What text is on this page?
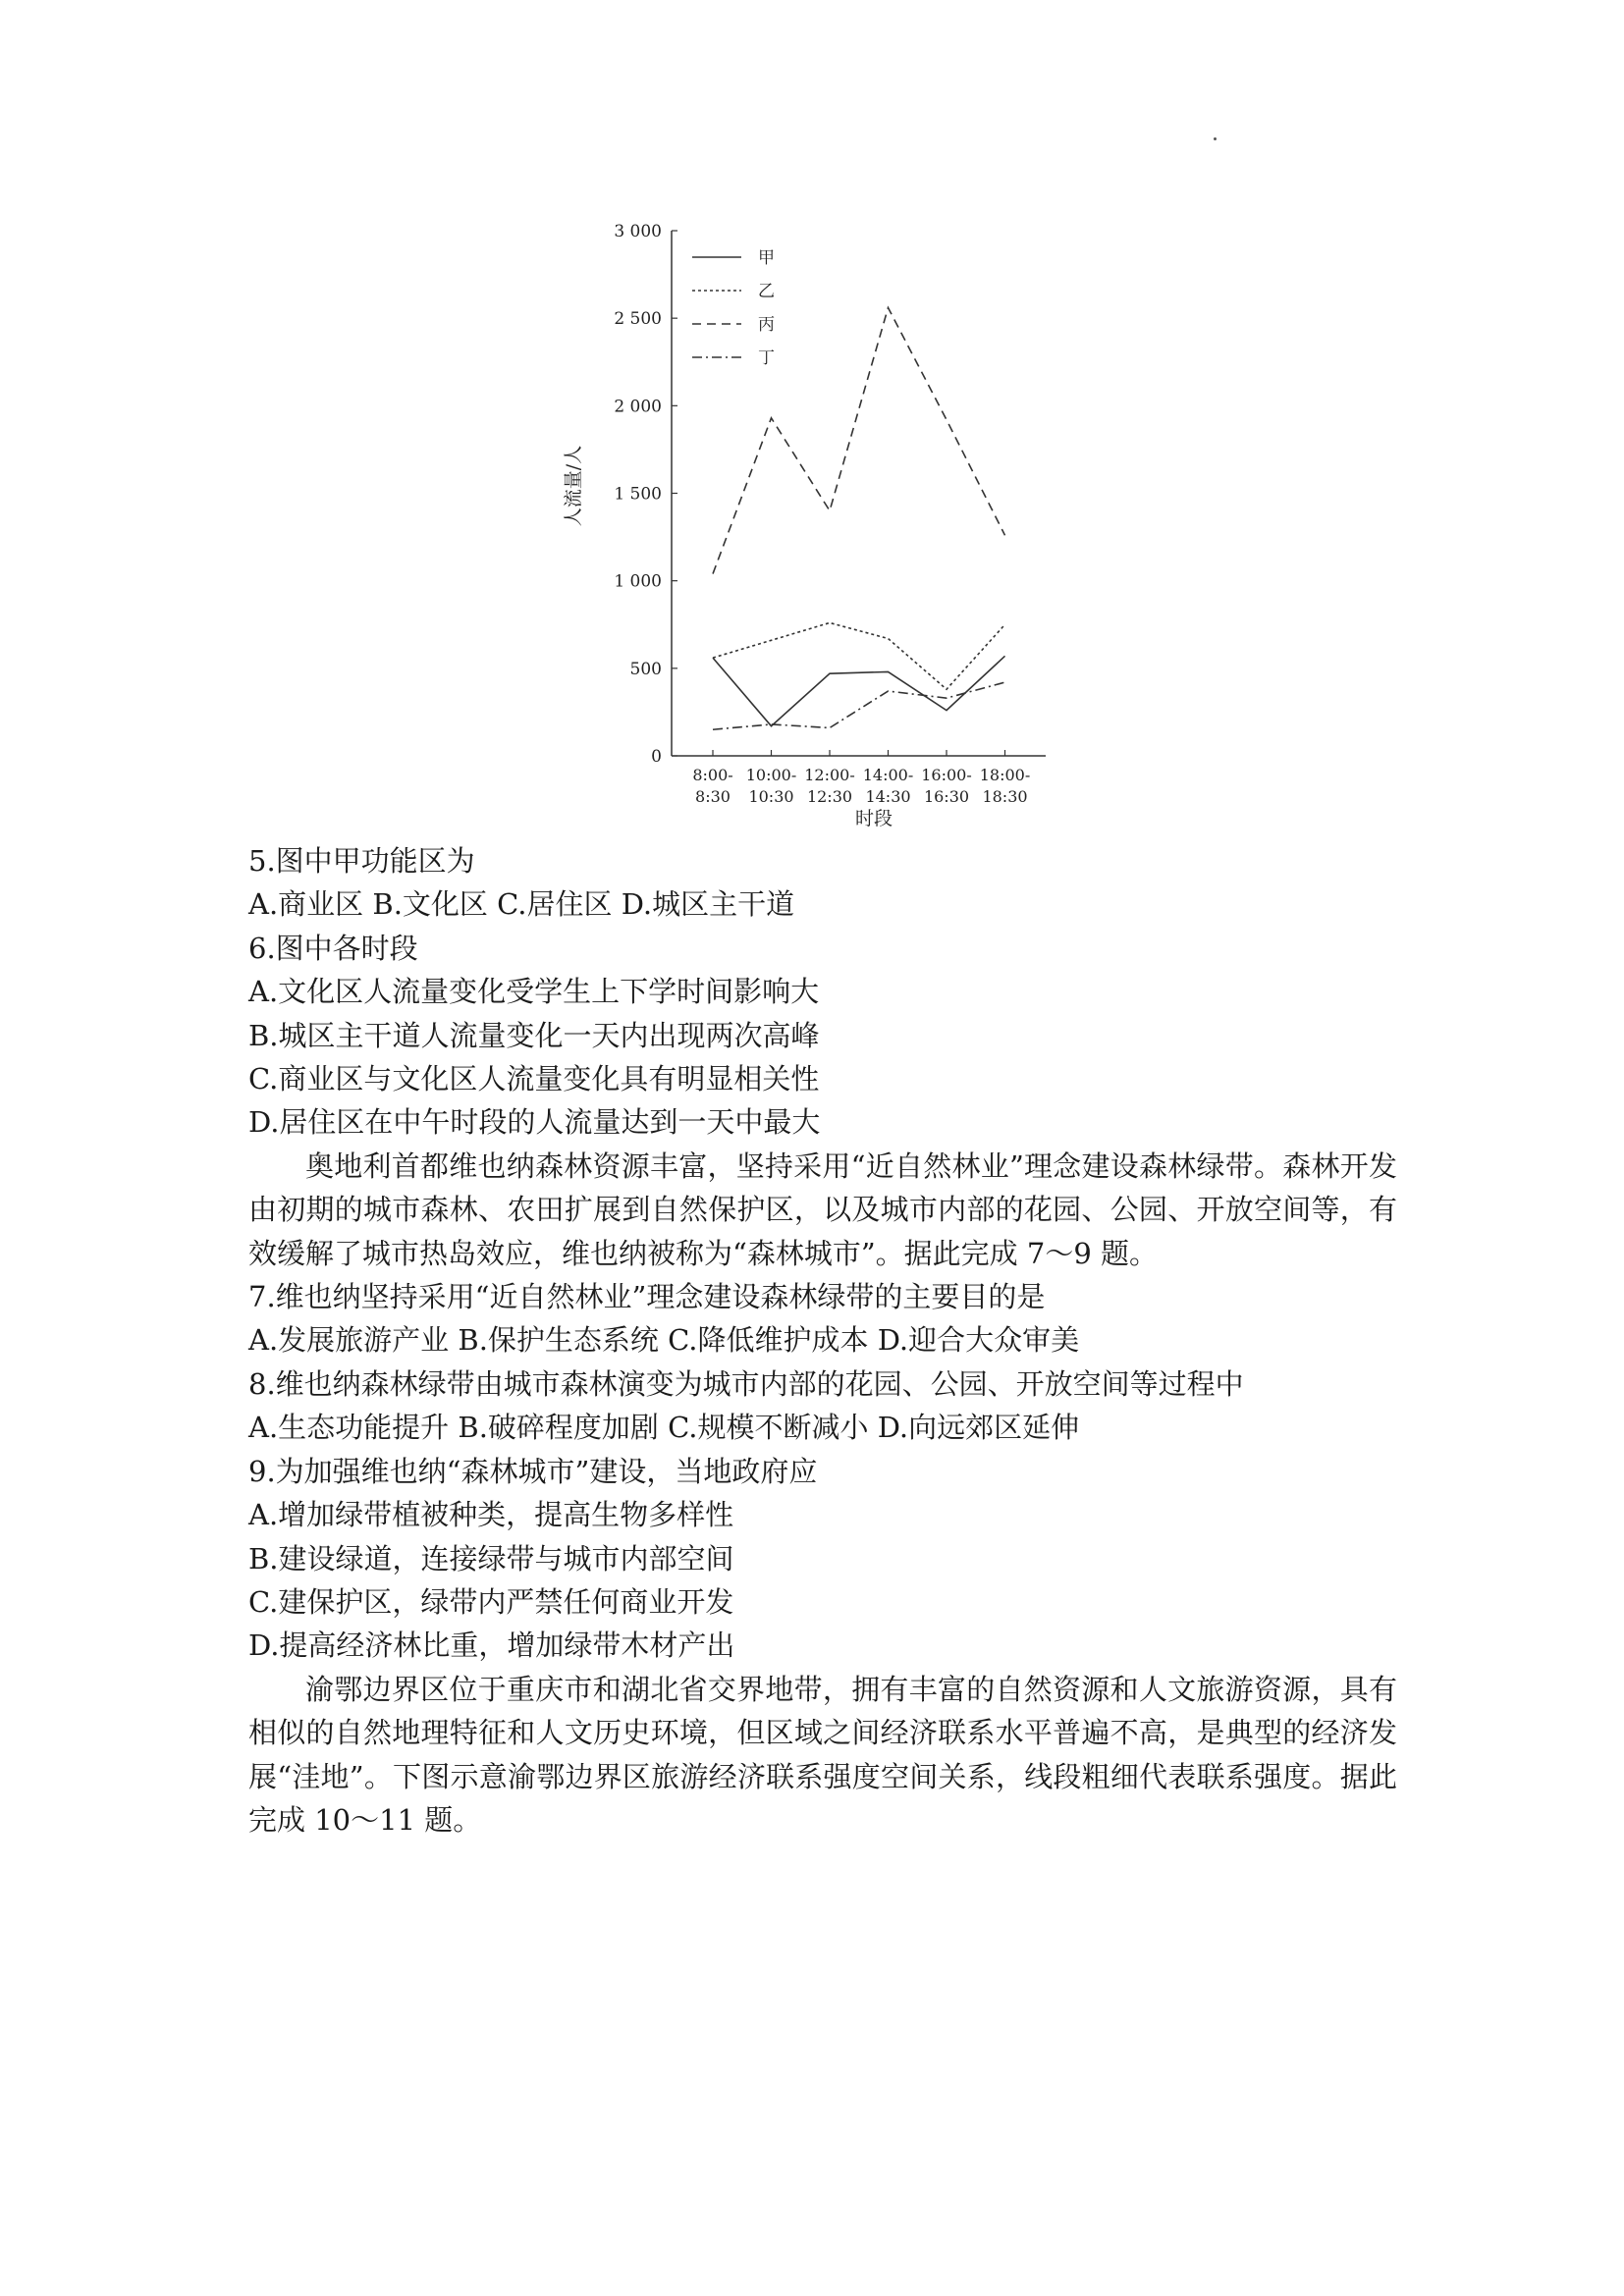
0
500
1 000
1 500
2 000
2 500
3 000
8:00-
8:30
10:00-
10:30
12:00-
12:30
14:00-
14:30
16:00-
16:30
18:00-
18:30
甲
乙
丙
丁
人流量/人
时段
5.图中甲功能区为
A.商业区 B.文化区 C.居住区 D.城区主干道
6.图中各时段
A.文化区人流量变化受学生上下学时间影响大
B.城区主干道人流量变化一天内出现两次高峰
C.商业区与文化区人流量变化具有明显相关性
D.居住区在中午时段的人流量达到一天中最大

奥地利首都维也纳森林资源丰富，坚持采用“近自然林业”理念建设森林绿带。森林开发由初期的城市森林、农田扩展到自然保护区，以及城市内部的花园、公园、开放空间等，有效缓解了城市热岛效应，维也纳被称为“森林城市”。据此完成 7～9 题。

7.维也纳坚持采用“近自然林业”理念建设森林绿带的主要目的是
A.发展旅游产业 B.保护生态系统 C.降低维护成本 D.迎合大众审美
8.维也纳森林绿带由城市森林演变为城市内部的花园、公园、开放空间等过程中
A.生态功能提升 B.破碎程度加剧 C.规模不断减小 D.向远郊区延伸
9.为加强维也纳“森林城市”建设，当地政府应
A.增加绿带植被种类，提高生物多样性
B.建设绿道，连接绿带与城市内部空间
C.建保护区，绿带内严禁任何商业开发
D.提高经济林比重，增加绿带木材产出

渝鄂边界区位于重庆市和湖北省交界地带，拥有丰富的自然资源和人文旅游资源，具有相似的自然地理特征和人文历史环境，但区域之间经济联系水平普遍不高，是典型的经济发展“洼地”。下图示意渝鄂边界区旅游经济联系强度空间关系，线段粗细代表联系强度。据此完成 10～11 题。
